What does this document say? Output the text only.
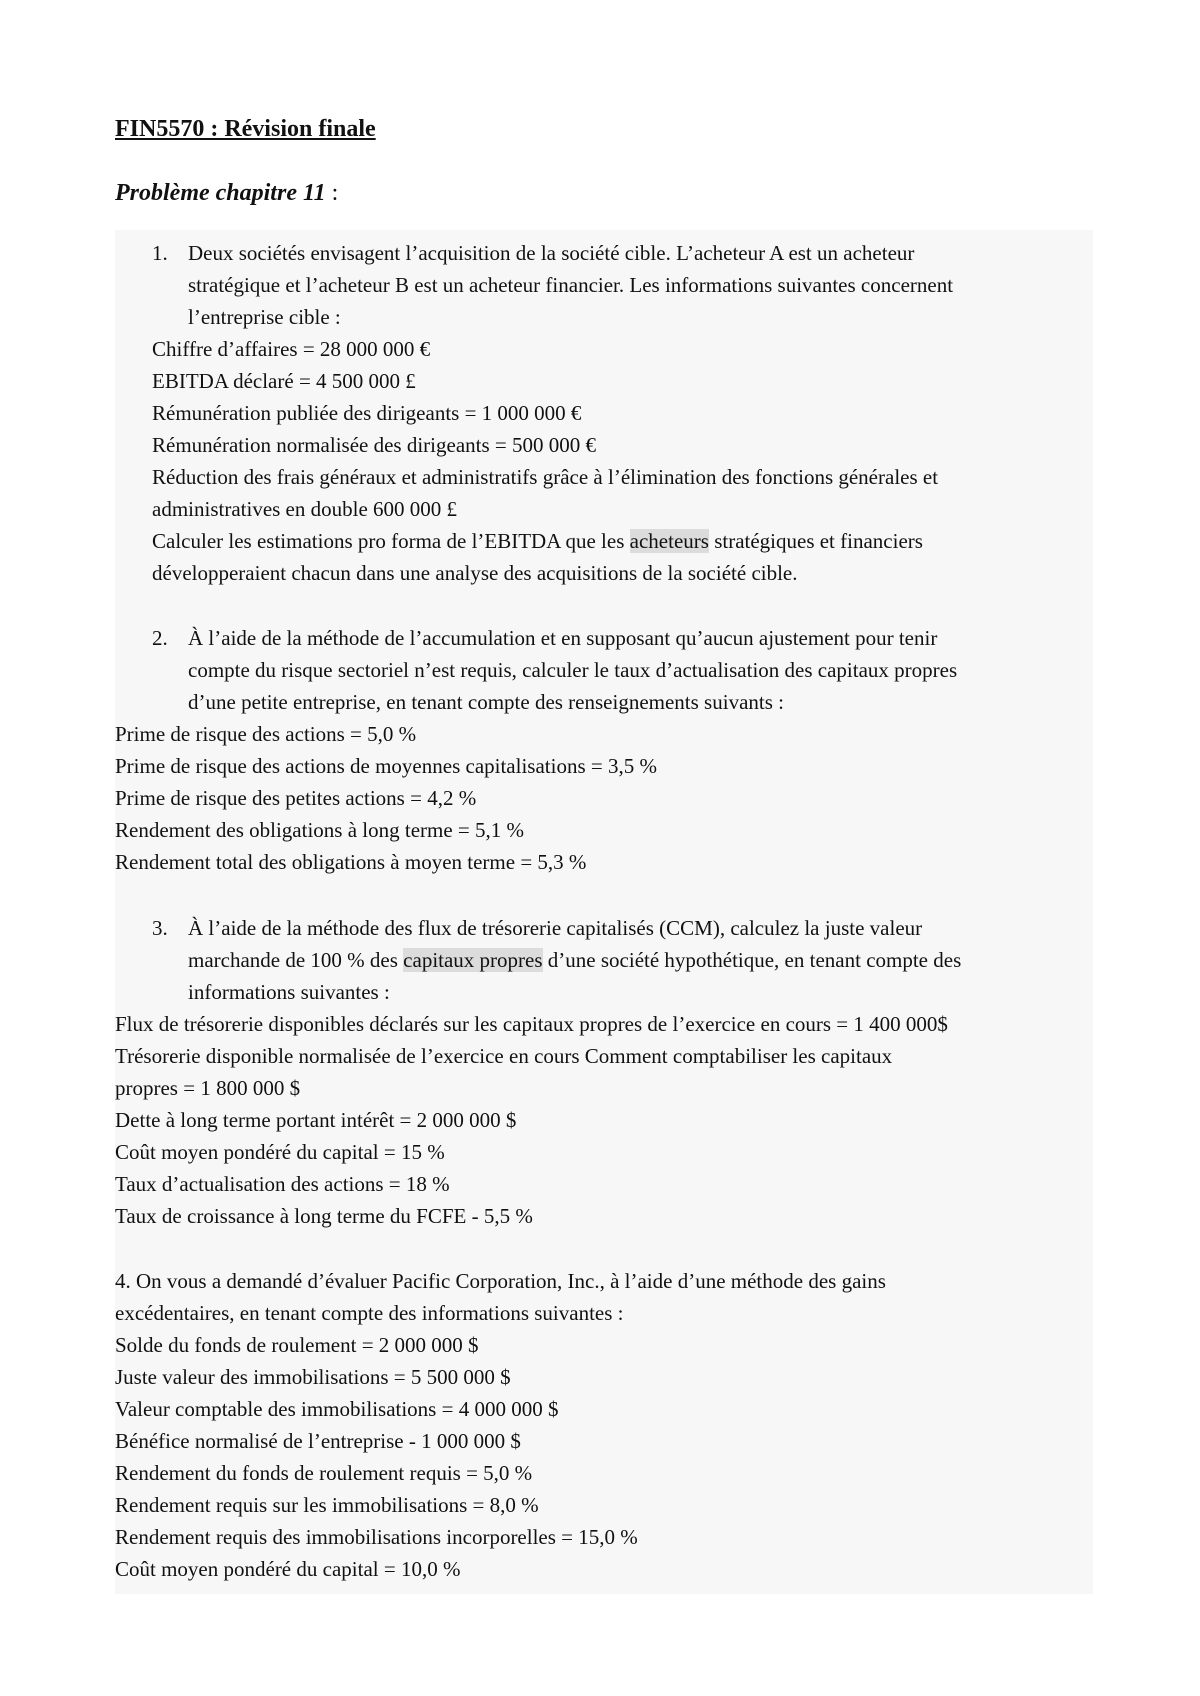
FIN5570 : Révision finale
Problème chapitre 11 :
1. Deux sociétés envisagent l’acquisition de la société cible. L’acheteur A est un acheteur
stratégique et l’acheteur B est un acheteur financier. Les informations suivantes concernent
l’entreprise cible :
Chiffre d’affaires = 28 000 000 €
EBITDA déclaré = 4 500 000 £
Rémunération publiée des dirigeants = 1 000 000 €
Rémunération normalisée des dirigeants = 500 000 €
Réduction des frais généraux et administratifs grâce à l’élimination des fonctions générales et
administratives en double 600 000 £
Calculer les estimations pro forma de l’EBITDA que les acheteurs stratégiques et financiers
développeraient chacun dans une analyse des acquisitions de la société cible.
2. À l’aide de la méthode de l’accumulation et en supposant qu’aucun ajustement pour tenir
compte du risque sectoriel n’est requis, calculer le taux d’actualisation des capitaux propres
d’une petite entreprise, en tenant compte des renseignements suivants :
Prime de risque des actions = 5,0 %
Prime de risque des actions de moyennes capitalisations = 3,5 %
Prime de risque des petites actions = 4,2 %
Rendement des obligations à long terme = 5,1 %
Rendement total des obligations à moyen terme = 5,3 %
3. À l’aide de la méthode des flux de trésorerie capitalisés (CCM), calculez la juste valeur
marchande de 100 % des capitaux propres d’une société hypothétique, en tenant compte des
informations suivantes :
Flux de trésorerie disponibles déclarés sur les capitaux propres de l’exercice en cours = 1 400 000$
Trésorerie disponible normalisée de l’exercice en cours Comment comptabiliser les capitaux
propres = 1 800 000 $
Dette à long terme portant intérêt = 2 000 000 $
Coût moyen pondéré du capital = 15 %
Taux d’actualisation des actions = 18 %
Taux de croissance à long terme du FCFE - 5,5 %
4. On vous a demandé d’évaluer Pacific Corporation, Inc., à l’aide d’une méthode des gains
excédentaires, en tenant compte des informations suivantes :
Solde du fonds de roulement = 2 000 000 $
Juste valeur des immobilisations = 5 500 000 $
Valeur comptable des immobilisations = 4 000 000 $
Bénéfice normalisé de l’entreprise - 1 000 000 $
Rendement du fonds de roulement requis = 5,0 %
Rendement requis sur les immobilisations = 8,0 %
Rendement requis des immobilisations incorporelles = 15,0 %
Coût moyen pondéré du capital = 10,0 %
